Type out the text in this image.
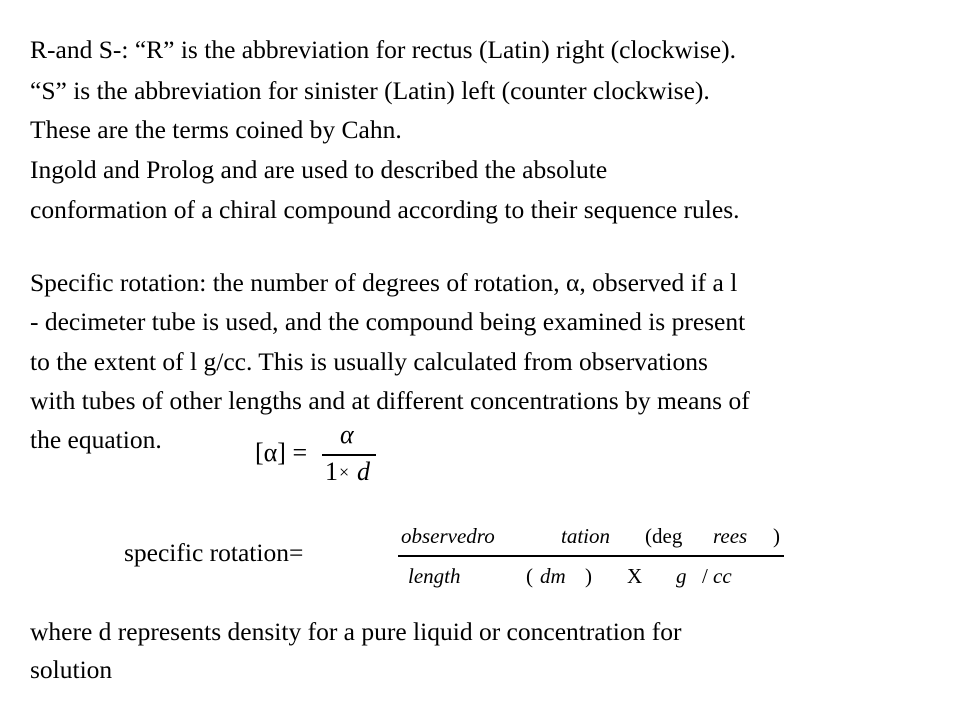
R-and S-: “R” is the abbreviation for rectus (Latin) right (clockwise).
“S” is the abbreviation for sinister (Latin) left (counter clockwise).
These are the terms coined by Cahn.
Ingold and Prolog and are used to described the absolute
conformation of a chiral compound according to their sequence rules.
Specific rotation: the number of degrees of rotation, α, observed if a l
- decimeter tube is used, and the compound being examined is present
to the extent of l g/cc. This is usually calculated from observations
with tubes of other lengths and at different concentrations by means of
the equation.	[α] =
α
1 × d
specific rotation=
observedro	tation (deg rees )
length	( dm ) X g / cc
where d represents density for a pure liquid or concentration for
solution
